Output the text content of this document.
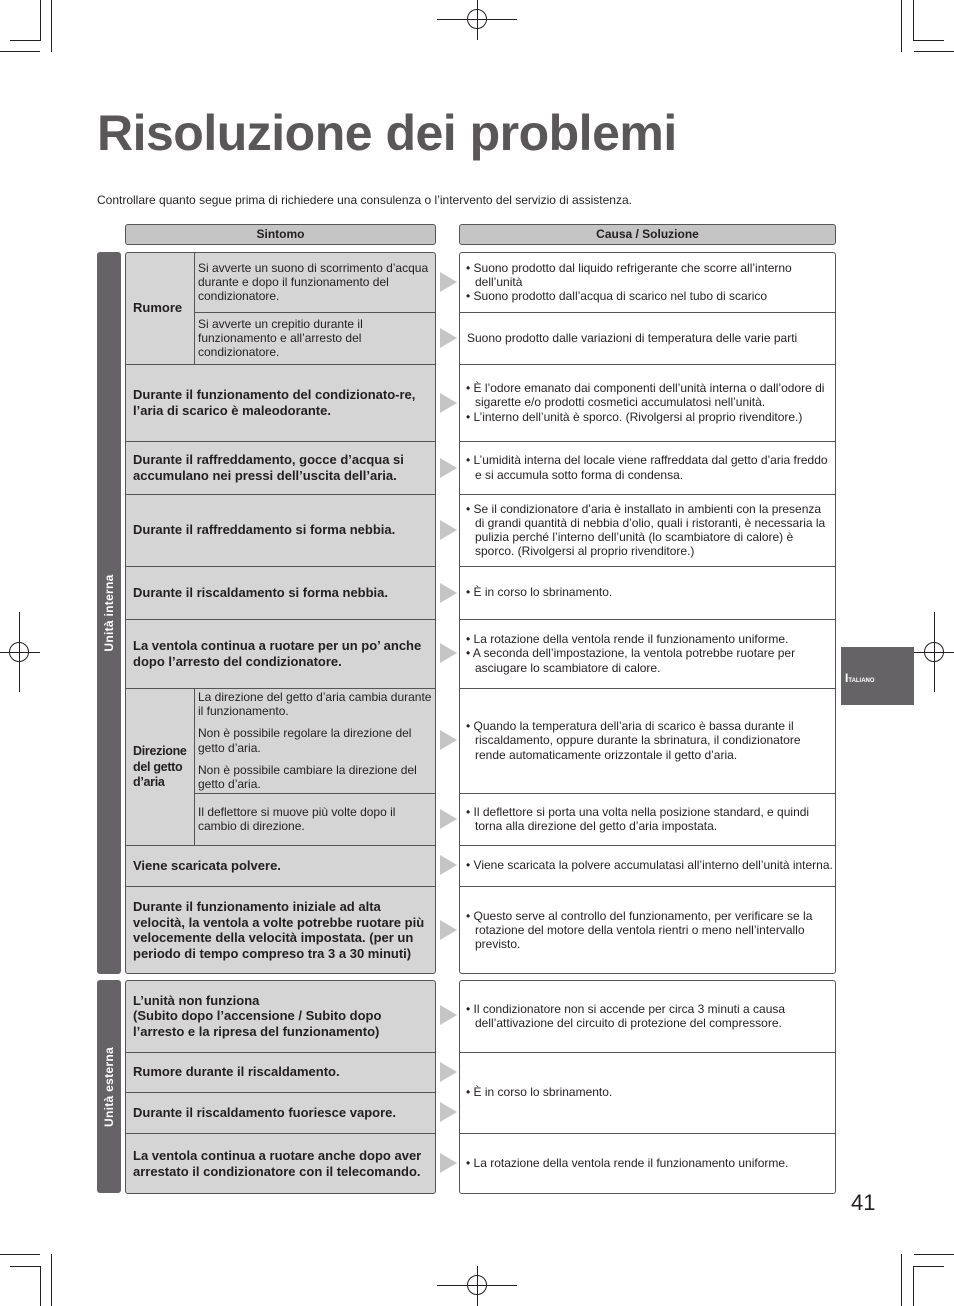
Risoluzione dei problemi
Controllare quanto segue prima di richiedere una consulenza o l’intervento del servizio di assistenza.
Sintomo	Causa / Soluzione
Unità interna
Unità esterna
Rumore

Si avverte un suono di scorrimento d’acqua durante e dopo il funzionamento del condizionatore.

Si avverte un crepitio durante il funzionamento e all’arresto del condizionatore.

Durante il funzionamento del condizionato-re, l’aria di scarico è maleodorante.
Durante il raffreddamento, gocce d’acqua si accumulano nei pressi dell’uscita dell’aria.
Durante il raffreddamento si forma nebbia.
Durante il riscaldamento si forma nebbia.
La ventola continua a ruotare per un po’ anche dopo l’arresto del condizionatore.
Direzione del getto d’aria

La direzione del getto d’aria cambia durante il funzionamento.

Non è possibile regolare la direzione del getto d’aria.

Non è possibile cambiare la direzione del getto d’aria.

Il deflettore si muove più volte dopo il cambio di direzione.

Viene scaricata polvere.
Durante il funzionamento iniziale ad alta velocità, la ventola a volte potrebbe ruotare più velocemente della velocità impostata. (per un periodo di tempo compreso tra 3 a 30 minuti)
L’unità non funziona
(Subito dopo l’accensione / Subito dopo l’arresto e la ripresa del funzionamento)
Rumore durante il riscaldamento.
Durante il riscaldamento fuoriesce vapore.
La ventola continua a ruotare anche dopo aver arrestato il condizionatore con il telecomando.
• Suono prodotto dal liquido refrigerante che scorre all’interno dell’unità
• Suono prodotto dall’acqua di scarico nel tubo di scarico
Suono prodotto dalle variazioni di temperatura delle varie parti
• È l’odore emanato dai componenti dell’unità interna o dall’odore di sigarette e/o prodotti cosmetici accumulatosi nell’unità.
• L’interno dell’unità è sporco. (Rivolgersi al proprio rivenditore.)
• L’umidità interna del locale viene raffreddata dal getto d’aria freddo e si accumula sotto forma di condensa.
• Se il condizionatore d’aria è installato in ambienti con la presenza di grandi quantità di nebbia d’olio, quali i ristoranti, è necessaria la pulizia perché l’interno dell’unità (lo scambiatore di calore) è sporco. (Rivolgersi al proprio rivenditore.)
• È in corso lo sbrinamento.
• La rotazione della ventola rende il funzionamento uniforme.
• A seconda dell’impostazione, la ventola potrebbe ruotare per asciugare lo scambiatore di calore.
• Quando la temperatura dell’aria di scarico è bassa durante il riscaldamento, oppure durante la sbrinatura, il condizionatore rende automaticamente orizzontale il getto d’aria.
• Il deflettore si porta una volta nella posizione standard, e quindi torna alla direzione del getto d’aria impostata.
• Viene scaricata la polvere accumulatasi all’interno dell’unità interna.
• Questo serve al controllo del funzionamento, per verificare se la rotazione del motore della ventola rientri o meno nell’intervallo previsto.
• Il condizionatore non si accende per circa 3 minuti a causa dell’attivazione del circuito di protezione del compressore.
• È in corso lo sbrinamento.
• La rotazione della ventola rende il funzionamento uniforme.
ITALIANO
41
